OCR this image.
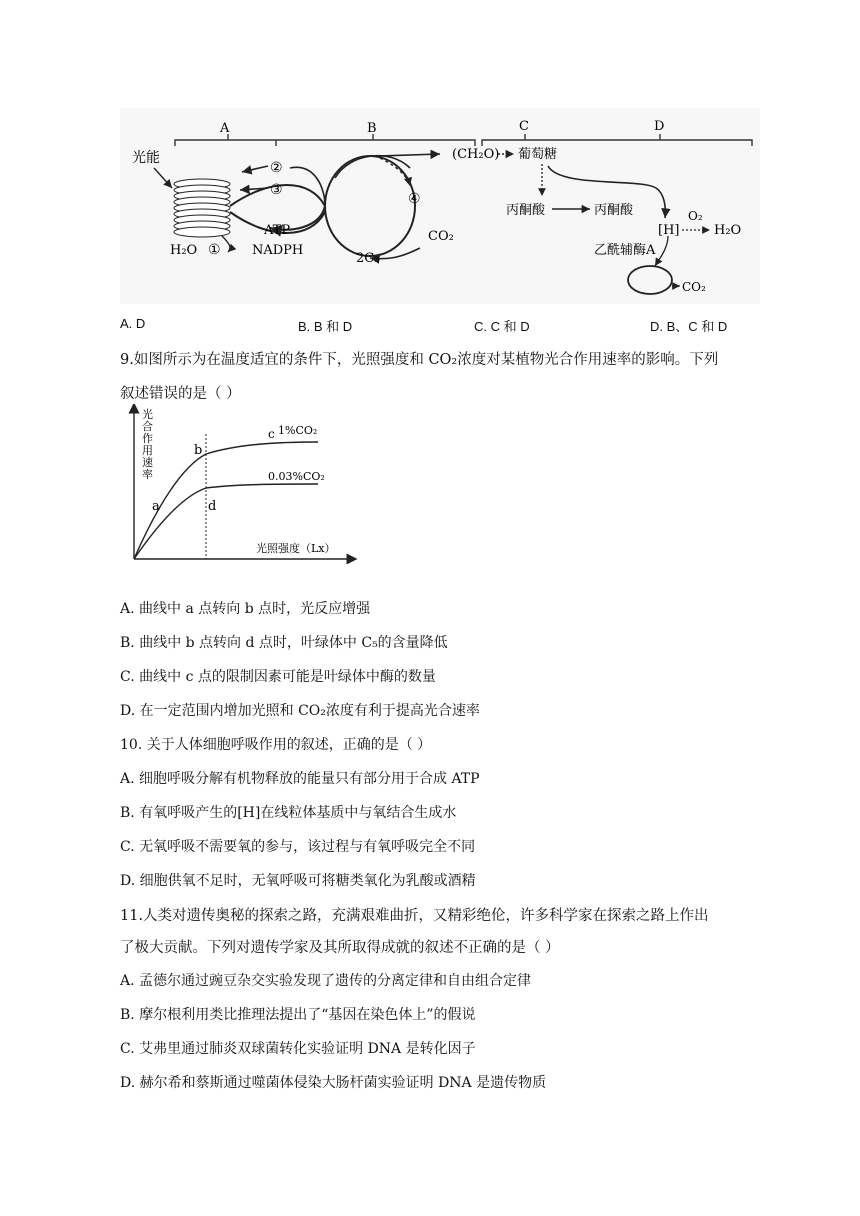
A	B	C	D
光能
②
③
ATP
NADPH
H₂O ①
④
CO₂
2C₃
(CH₂O) 葡萄糖
丙酮酸	丙酮酸
[H]
O₂
H₂O
乙酰辅酶A
CO₂
A. D	B. B 和 D	C. C 和 D	D. B、C 和 D
9.如图所示为在温度适宜的条件下，光照强度和 CO₂浓度对某植物光合作用速率的影响。下列
叙述错误的是（ ）
光
合
作
用
速
率
光照强度（Lx）
c 1%CO₂
0.03%CO₂
b
d
a
A. 曲线中 a 点转向 b 点时，光反应增强
B. 曲线中 b 点转向 d 点时，叶绿体中 C₅的含量降低
C. 曲线中 c 点的限制因素可能是叶绿体中酶的数量
D. 在一定范围内增加光照和 CO₂浓度有利于提高光合速率
10. 关于人体细胞呼吸作用的叙述，正确的是（ ）
A. 细胞呼吸分解有机物释放的能量只有部分用于合成 ATP
B. 有氧呼吸产生的[H]在线粒体基质中与氧结合生成水
C. 无氧呼吸不需要氧的参与，该过程与有氧呼吸完全不同
D. 细胞供氧不足时，无氧呼吸可将糖类氧化为乳酸或酒精
11.人类对遗传奥秘的探索之路，充满艰难曲折，又精彩绝伦，许多科学家在探索之路上作出
了极大贡献。下列对遗传学家及其所取得成就的叙述不正确的是（ ）
A. 孟德尔通过豌豆杂交实验发现了遗传的分离定律和自由组合定律
B. 摩尔根利用类比推理法提出了“基因在染色体上”的假说
C. 艾弗里通过肺炎双球菌转化实验证明 DNA 是转化因子
D. 赫尔希和蔡斯通过噬菌体侵染大肠杆菌实验证明 DNA 是遗传物质
